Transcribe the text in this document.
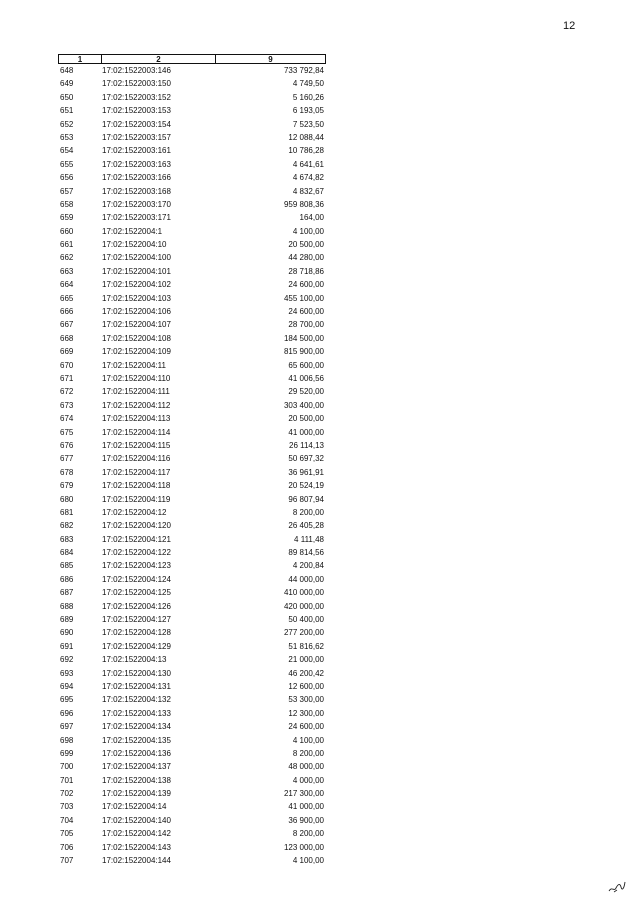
12
1	2	9
648	17:02:1522003:146	733 792,84
649	17:02:1522003:150	4 749,50
650	17:02:1522003:152	5 160,26
651	17:02:1522003:153	6 193,05
652	17:02:1522003:154	7 523,50
653	17:02:1522003:157	12 088,44
654	17:02:1522003:161	10 786,28
655	17:02:1522003:163	4 641,61
656	17:02:1522003:166	4 674,82
657	17:02:1522003:168	4 832,67
658	17:02:1522003:170	959 808,36
659	17:02:1522003:171	164,00
660	17:02:1522004:1	4 100,00
661	17:02:1522004:10	20 500,00
662	17:02:1522004:100	44 280,00
663	17:02:1522004:101	28 718,86
664	17:02:1522004:102	24 600,00
665	17:02:1522004:103	455 100,00
666	17:02:1522004:106	24 600,00
667	17:02:1522004:107	28 700,00
668	17:02:1522004:108	184 500,00
669	17:02:1522004:109	815 900,00
670	17:02:1522004:11	65 600,00
671	17:02:1522004:110	41 006,56
672	17:02:1522004:111	29 520,00
673	17:02:1522004:112	303 400,00
674	17:02:1522004:113	20 500,00
675	17:02:1522004:114	41 000,00
676	17:02:1522004:115	26 114,13
677	17:02:1522004:116	50 697,32
678	17:02:1522004:117	36 961,91
679	17:02:1522004:118	20 524,19
680	17:02:1522004:119	96 807,94
681	17:02:1522004:12	8 200,00
682	17:02:1522004:120	26 405,28
683	17:02:1522004:121	4 111,48
684	17:02:1522004:122	89 814,56
685	17:02:1522004:123	4 200,84
686	17:02:1522004:124	44 000,00
687	17:02:1522004:125	410 000,00
688	17:02:1522004:126	420 000,00
689	17:02:1522004:127	50 400,00
690	17:02:1522004:128	277 200,00
691	17:02:1522004:129	51 816,62
692	17:02:1522004:13	21 000,00
693	17:02:1522004:130	46 200,42
694	17:02:1522004:131	12 600,00
695	17:02:1522004:132	53 300,00
696	17:02:1522004:133	12 300,00
697	17:02:1522004:134	24 600,00
698	17:02:1522004:135	4 100,00
699	17:02:1522004:136	8 200,00
700	17:02:1522004:137	48 000,00
701	17:02:1522004:138	4 000,00
702	17:02:1522004:139	217 300,00
703	17:02:1522004:14	41 000,00
704	17:02:1522004:140	36 900,00
705	17:02:1522004:142	8 200,00
706	17:02:1522004:143	123 000,00
707	17:02:1522004:144	4 100,00
